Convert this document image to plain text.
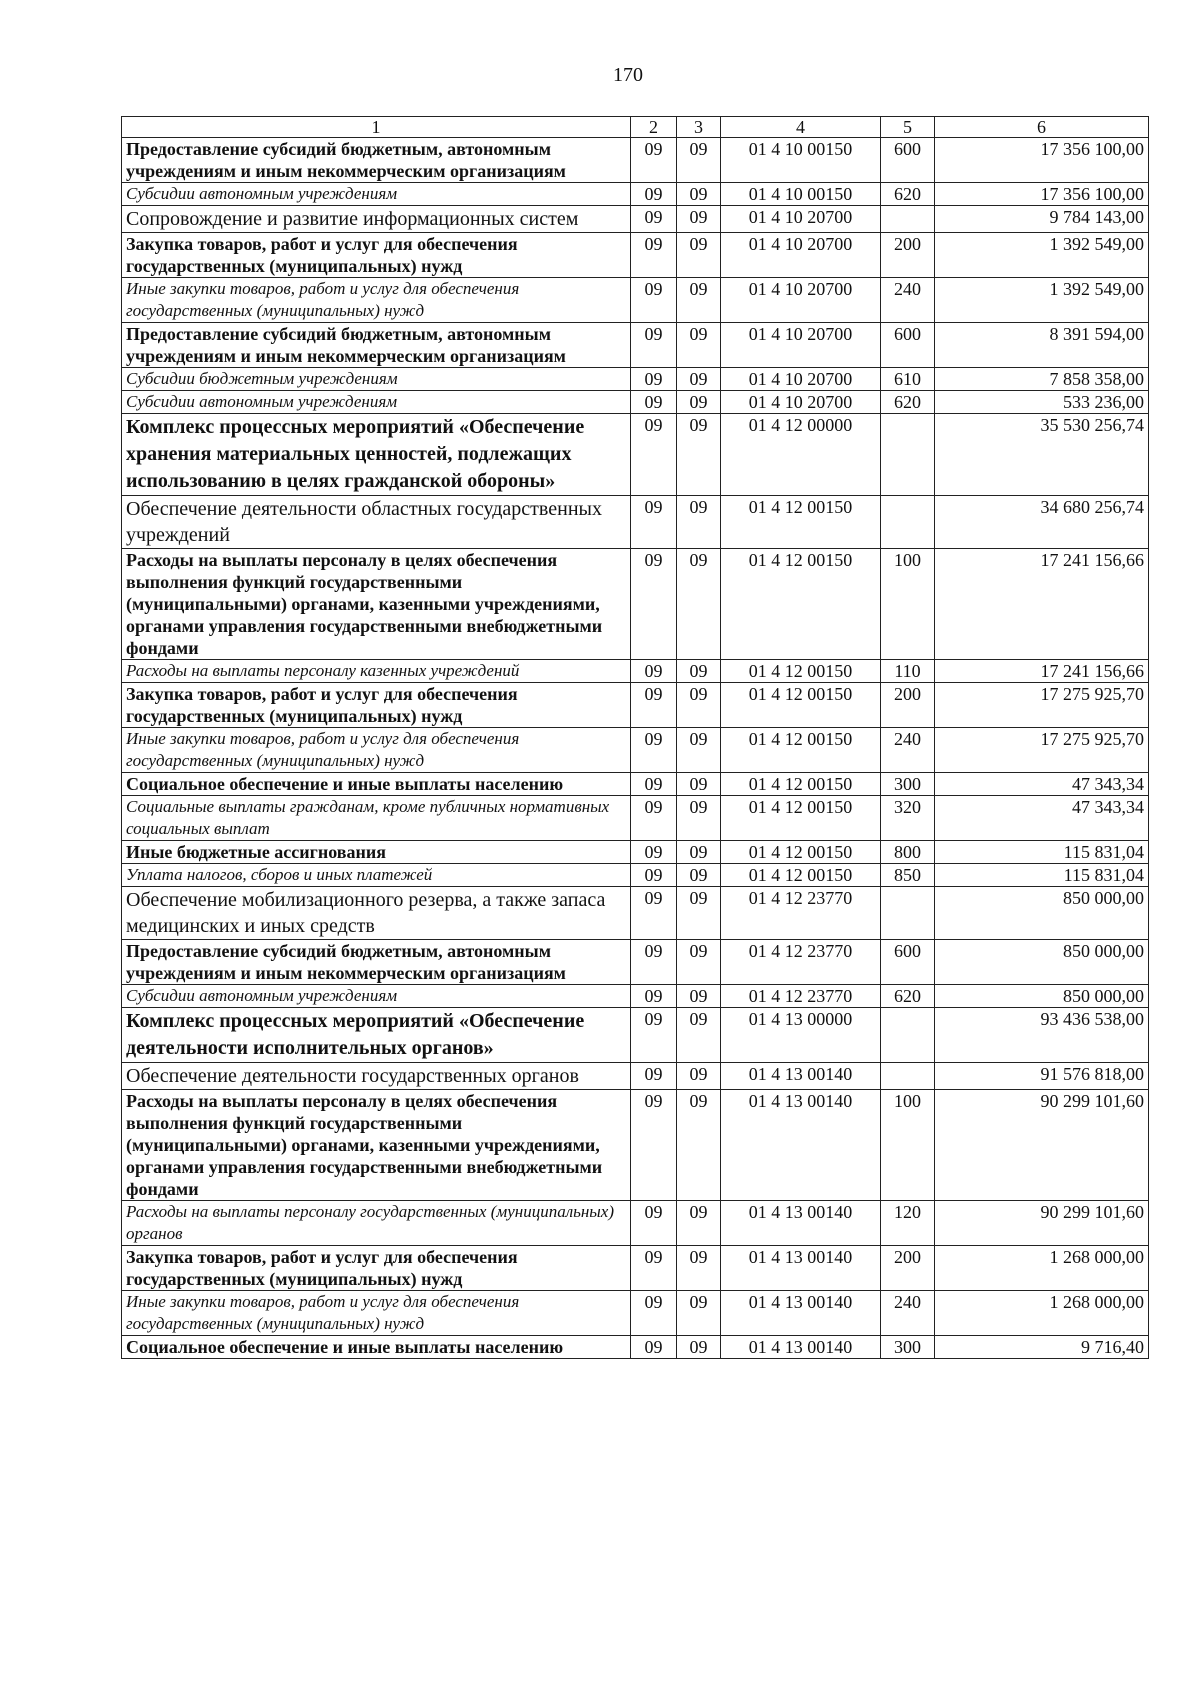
170
1	2	3	4	5	6
Предоставление субсидий бюджетным, автономным учреждениям и иным некоммерческим организациям	09	09	01 4 10 00150	600	17 356 100,00
Субсидии автономным учреждениям	09	09	01 4 10 00150	620	17 356 100,00
Сопровождение и развитие информационных систем	09	09	01 4 10 20700		9 784 143,00
Закупка товаров, работ и услуг для обеспечения государственных (муниципальных) нужд	09	09	01 4 10 20700	200	1 392 549,00
Иные закупки товаров, работ и услуг для обеспечения государственных (муниципальных) нужд	09	09	01 4 10 20700	240	1 392 549,00
Предоставление субсидий бюджетным, автономным учреждениям и иным некоммерческим организациям	09	09	01 4 10 20700	600	8 391 594,00
Субсидии бюджетным учреждениям	09	09	01 4 10 20700	610	7 858 358,00
Субсидии автономным учреждениям	09	09	01 4 10 20700	620	533 236,00
Комплекс процессных мероприятий «Обеспечение хранения материальных ценностей, подлежащих использованию в целях гражданской обороны»	09	09	01 4 12 00000		35 530 256,74
Обеспечение деятельности областных государственных учреждений	09	09	01 4 12 00150		34 680 256,74
Расходы на выплаты персоналу в целях обеспечения выполнения функций государственными (муниципальными) органами, казенными учреждениями, органами управления государственными внебюджетными фондами	09	09	01 4 12 00150	100	17 241 156,66
Расходы на выплаты персоналу казенных учреждений	09	09	01 4 12 00150	110	17 241 156,66
Закупка товаров, работ и услуг для обеспечения государственных (муниципальных) нужд	09	09	01 4 12 00150	200	17 275 925,70
Иные закупки товаров, работ и услуг для обеспечения государственных (муниципальных) нужд	09	09	01 4 12 00150	240	17 275 925,70
Социальное обеспечение и иные выплаты населению	09	09	01 4 12 00150	300	47 343,34
Социальные выплаты гражданам, кроме публичных нормативных социальных выплат	09	09	01 4 12 00150	320	47 343,34
Иные бюджетные ассигнования	09	09	01 4 12 00150	800	115 831,04
Уплата налогов, сборов и иных платежей	09	09	01 4 12 00150	850	115 831,04
Обеспечение мобилизационного резерва, а также запаса медицинских и иных средств	09	09	01 4 12 23770		850 000,00
Предоставление субсидий бюджетным, автономным учреждениям и иным некоммерческим организациям	09	09	01 4 12 23770	600	850 000,00
Субсидии автономным учреждениям	09	09	01 4 12 23770	620	850 000,00
Комплекс процессных мероприятий «Обеспечение деятельности исполнительных органов»	09	09	01 4 13 00000		93 436 538,00
Обеспечение деятельности государственных органов	09	09	01 4 13 00140		91 576 818,00
Расходы на выплаты персоналу в целях обеспечения выполнения функций государственными (муниципальными) органами, казенными учреждениями, органами управления государственными внебюджетными фондами	09	09	01 4 13 00140	100	90 299 101,60
Расходы на выплаты персоналу государственных (муниципальных) органов	09	09	01 4 13 00140	120	90 299 101,60
Закупка товаров, работ и услуг для обеспечения государственных (муниципальных) нужд	09	09	01 4 13 00140	200	1 268 000,00
Иные закупки товаров, работ и услуг для обеспечения государственных (муниципальных) нужд	09	09	01 4 13 00140	240	1 268 000,00
Социальное обеспечение и иные выплаты населению	09	09	01 4 13 00140	300	9 716,40
